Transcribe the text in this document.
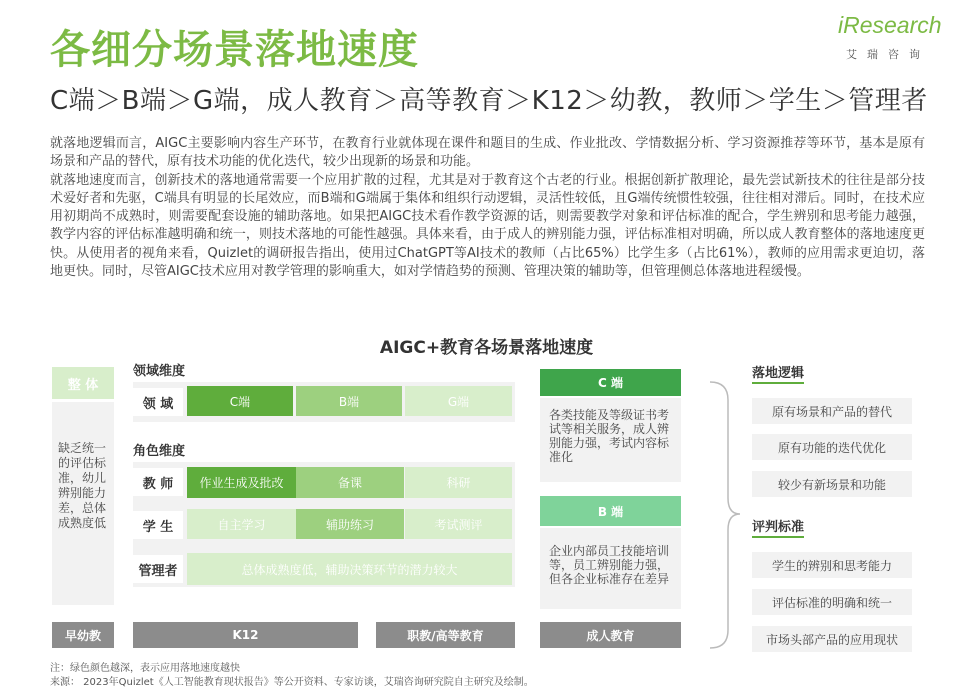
各细分场景落地速度
C端＞B端＞G端，成人教育＞高等教育＞K12＞幼教，教师＞学生＞管理者
iResearch
艾瑞咨询

就落地逻辑而言，AIGC主要影响内容生产环节，在教育行业就体现在课件和题目的生成、作业批改、学情数据分析、学习资源推荐等环节，基本是原有场景和产品的替代，原有技术功能的优化迭代，较少出现新的场景和功能。

就落地速度而言，创新技术的落地通常需要一个应用扩散的过程，尤其是对于教育这个古老的行业。根据创新扩散理论，最先尝试新技术的往往是部分技术爱好者和先驱，C端具有明显的长尾效应，而B端和G端属于集体和组织行动逻辑，灵活性较低，且G端传统惯性较强，往往相对滞后。同时，在技术应用初期尚不成熟时，则需要配套设施的辅助落地。如果把AIGC技术看作教学资源的话，则需要教学对象和评估标准的配合，学生辨别和思考能力越强，教学内容的评估标准越明确和统一，则技术落地的可能性越强。具体来看，由于成人的辨别能力强，评估标准相对明确，所以成人教育整体的落地速度更快。从使用者的视角来看，Quizlet的调研报告指出，使用过ChatGPT等AI技术的教师（占比65%）比学生多（占比61%），教师的应用需求更迫切，落地更快。同时，尽管AIGC技术应用对教学管理的影响重大，如对学情趋势的预测、管理决策的辅助等，但管理侧总体落地进程缓慢。

AIGC+教育各场景落地速度
整 体
缺乏统一的评估标准，幼儿辨别能力差，总体成熟度低
领域维度
领 域	C端	B端	G端
角色维度
教 师	作业生成及批改	备课	科研
学 生	自主学习	辅助练习	考试测评
管理者	总体成熟度低，辅助决策环节的潜力较大
早幼教	K12	职教/高等教育	成人教育
C 端
各类技能及等级证书考试等相关服务，成人辨别能力强，考试内容标准化
B 端
企业内部员工技能培训等，员工辨别能力强，但各企业标准存在差异
落地逻辑
原有场景和产品的替代
原有功能的迭代优化
较少有新场景和功能
评判标准
学生的辨别和思考能力
评估标准的明确和统一
市场头部产品的应用现状
注：绿色颜色越深，表示应用落地速度越快
来源： 2023年Quizlet《人工智能教育现状报告》等公开资料、专家访谈，艾瑞咨询研究院自主研究及绘制。
